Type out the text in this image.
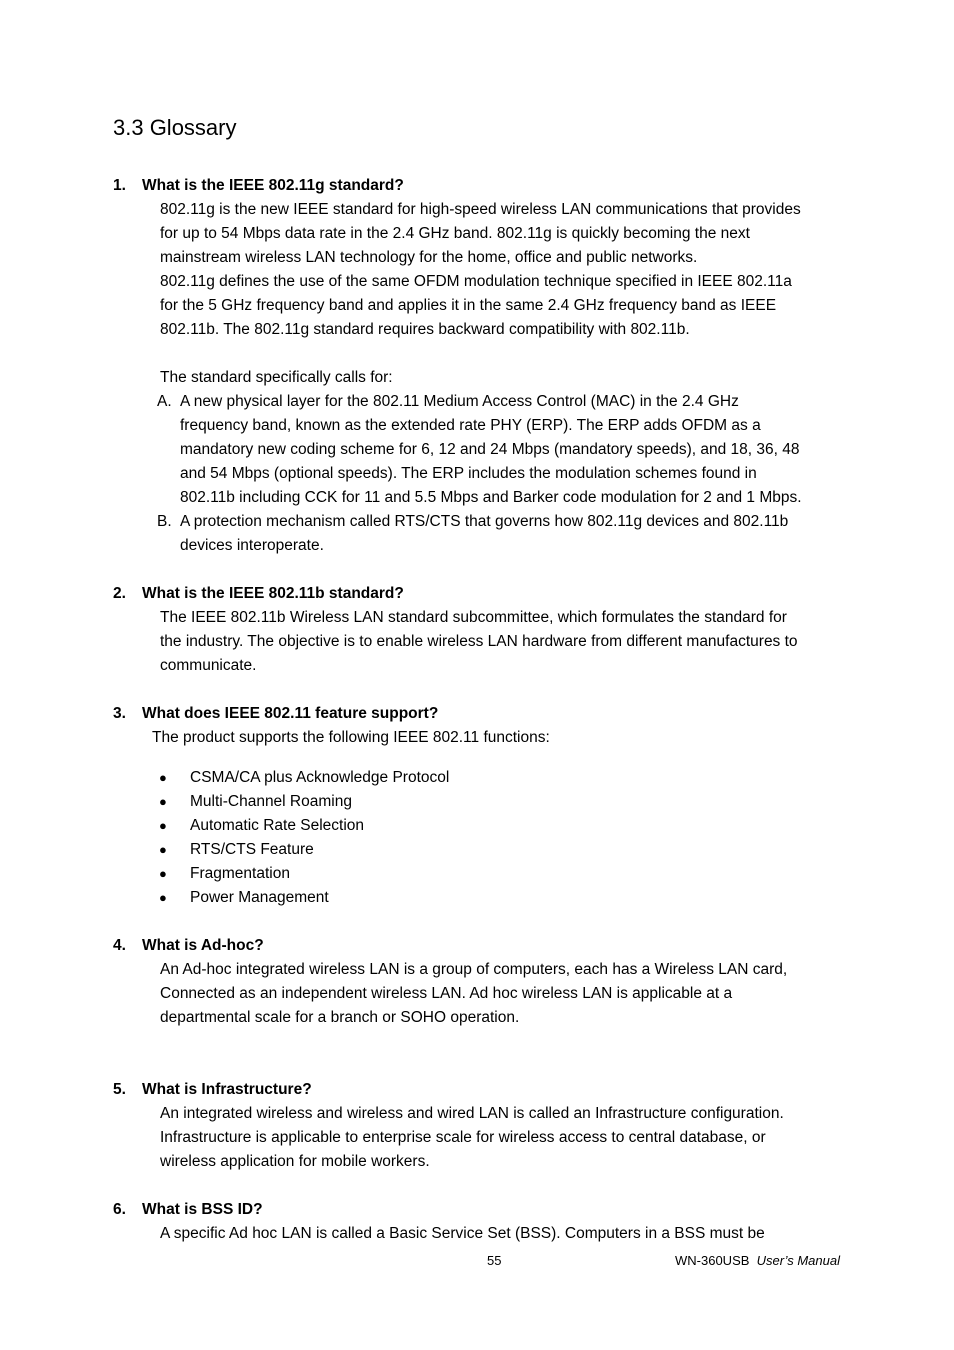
3.3 Glossary
1. What is the IEEE 802.11g standard?
802.11g is the new IEEE standard for high-speed wireless LAN communications that provides
for up to 54 Mbps data rate in the 2.4 GHz band. 802.11g is quickly becoming the next
mainstream wireless LAN technology for the home, office and public networks.
802.11g defines the use of the same OFDM modulation technique specified in IEEE 802.11a
for the 5 GHz frequency band and applies it in the same 2.4 GHz frequency band as IEEE
802.11b. The 802.11g standard requires backward compatibility with 802.11b.
The standard specifically calls for:
A. A new physical layer for the 802.11 Medium Access Control (MAC) in the 2.4 GHz
frequency band, known as the extended rate PHY (ERP). The ERP adds OFDM as a
mandatory new coding scheme for 6, 12 and 24 Mbps (mandatory speeds), and 18, 36, 48
and 54 Mbps (optional speeds). The ERP includes the modulation schemes found in
802.11b including CCK for 11 and 5.5 Mbps and Barker code modulation for 2 and 1 Mbps.
B. A protection mechanism called RTS/CTS that governs how 802.11g devices and 802.11b
devices interoperate.
2. What is the IEEE 802.11b standard?
The IEEE 802.11b Wireless LAN standard subcommittee, which formulates the standard for
the industry. The objective is to enable wireless LAN hardware from different manufactures to
communicate.
3. What does IEEE 802.11 feature support?
The product supports the following IEEE 802.11 functions:
● CSMA/CA plus Acknowledge Protocol
● Multi-Channel Roaming
● Automatic Rate Selection
● RTS/CTS Feature
● Fragmentation
● Power Management
4. What is Ad-hoc?
An Ad-hoc integrated wireless LAN is a group of computers, each has a Wireless LAN card,
Connected as an independent wireless LAN. Ad hoc wireless LAN is applicable at a
departmental scale for a branch or SOHO operation.
5. What is Infrastructure?
An integrated wireless and wireless and wired LAN is called an Infrastructure configuration.
Infrastructure is applicable to enterprise scale for wireless access to central database, or
wireless application for mobile workers.
6. What is BSS ID?
A specific Ad hoc LAN is called a Basic Service Set (BSS). Computers in a BSS must be
55	WN-360USB User’s Manual
